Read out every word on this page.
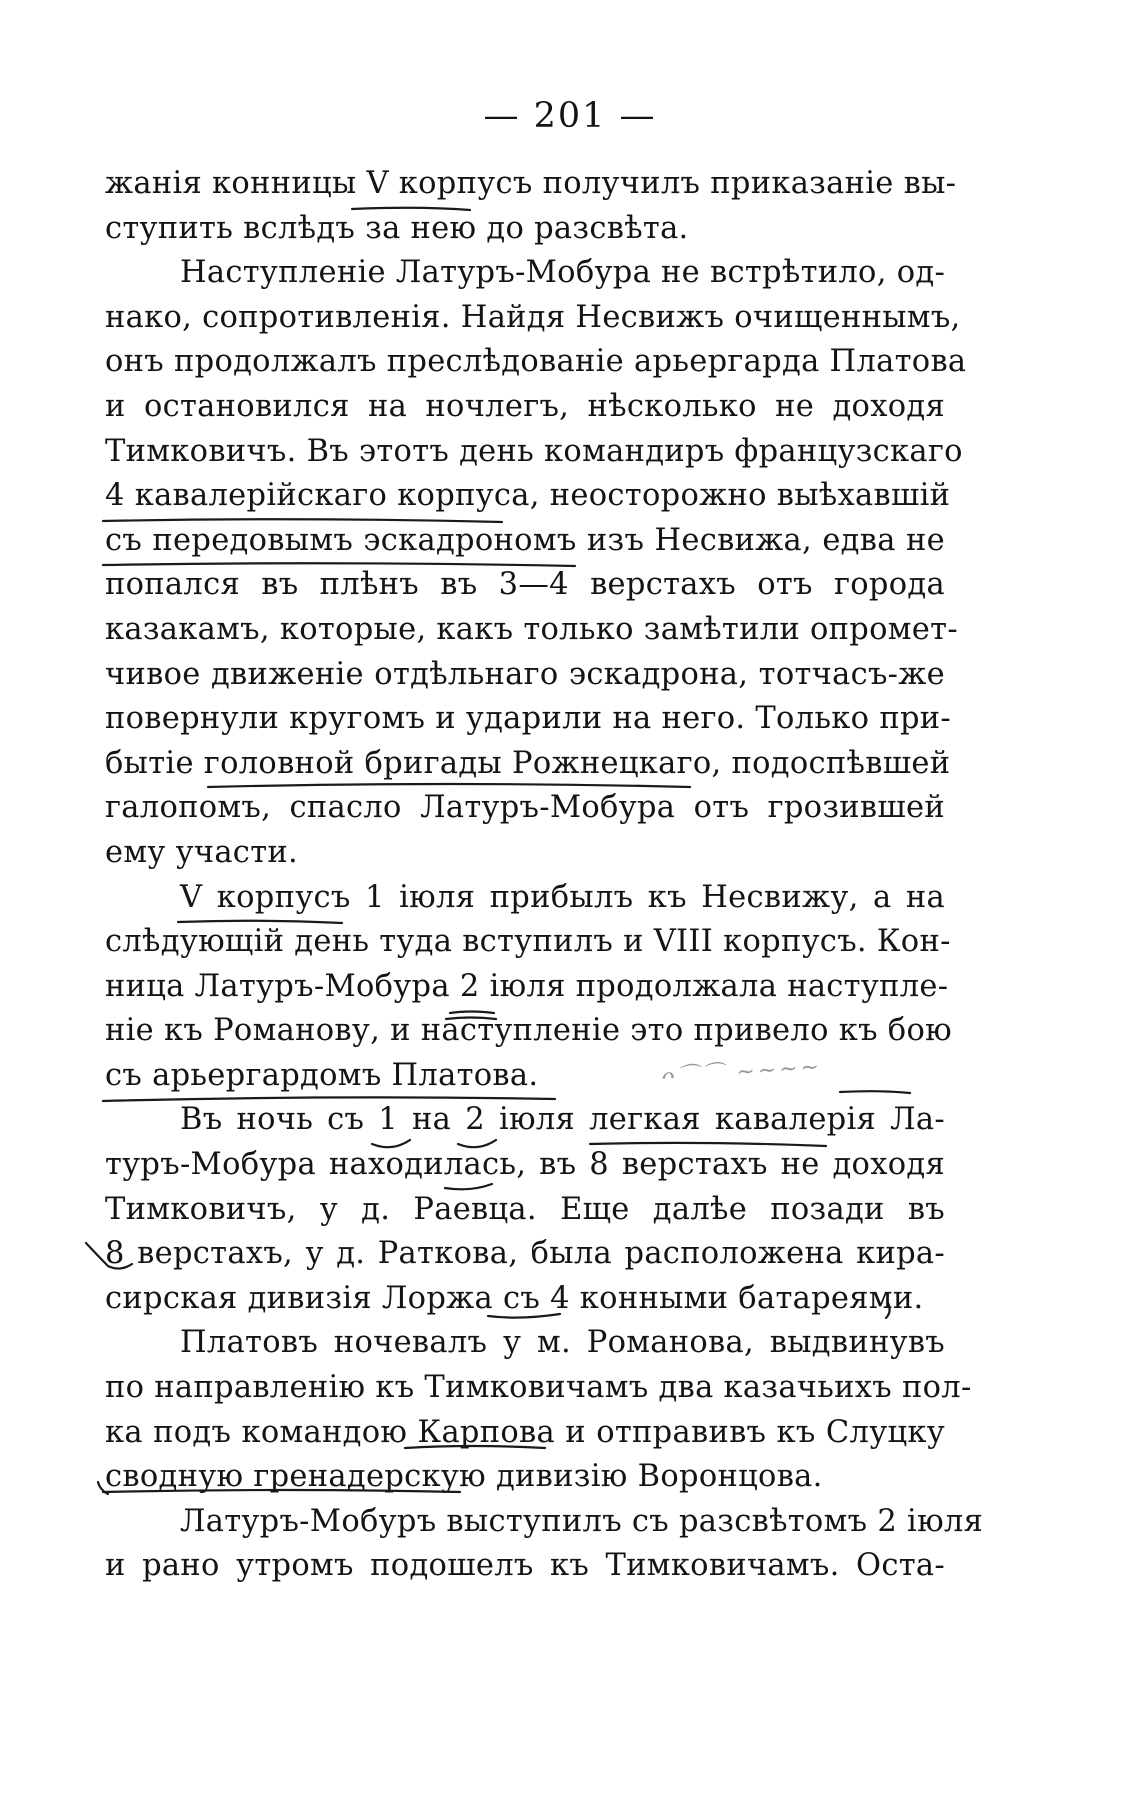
— 201 —
жанія конницы V корпусъ получилъ приказаніе вы-
ступить вслѣдъ за нею до разсвѣта.
Наступленіе Латуръ-Мобура не встрѣтило, од-
нако, сопротивленія. Найдя Несвижъ очищеннымъ,
онъ продолжалъ преслѣдованіе арьергарда Платова
и остановился на ночлегъ, нѣсколько не доходя
Тимковичъ. Въ этотъ день командиръ французскаго
4 кавалерійскаго корпуса, неосторожно выѣхавшій
съ передовымъ эскадрономъ изъ Несвижа, едва не
попался въ плѣнъ въ 3—4 верстахъ отъ города
казакамъ, которые, какъ только замѣтили опромет-
чивое движеніе отдѣльнаго эскадрона, тотчасъ-же
повернули кругомъ и ударили на него. Только при-
бытіе головной бригады Рожнецкаго, подоспѣвшей
галопомъ, спасло Латуръ-Мобура отъ грозившей
ему участи.
V корпусъ 1 іюля прибылъ къ Несвижу, а на
слѣдующій день туда вступилъ и VIII корпусъ. Кон-
ница Латуръ-Мобура 2 іюля продолжала наступле-
ніе къ Романову, и наступленіе это привело къ бою
съ арьергардомъ Платова.
Въ ночь съ 1 на 2 іюля легкая кавалерія Ла-
туръ-Мобура находилась, въ 8 верстахъ не доходя
Тимковичъ, у д. Раевца. Еще далѣе позади въ
8 верстахъ, у д. Раткова, была расположена кира-
сирская дивизія Лоржа съ 4 конными батареями.
Платовъ ночевалъ у м. Романова, выдвинувъ
по направленію къ Тимковичамъ два казачьихъ пол-
ка подъ командою Карпова и отправивъ къ Слуцку
сводную гренадерскую дивизію Воронцова.
Латуръ-Мобуръ выступилъ съ разсвѣтомъ 2 іюля
и рано утромъ подошелъ къ Тимковичамъ. Оста-
ᴖ⌒⌒ ∼∼∼∼
